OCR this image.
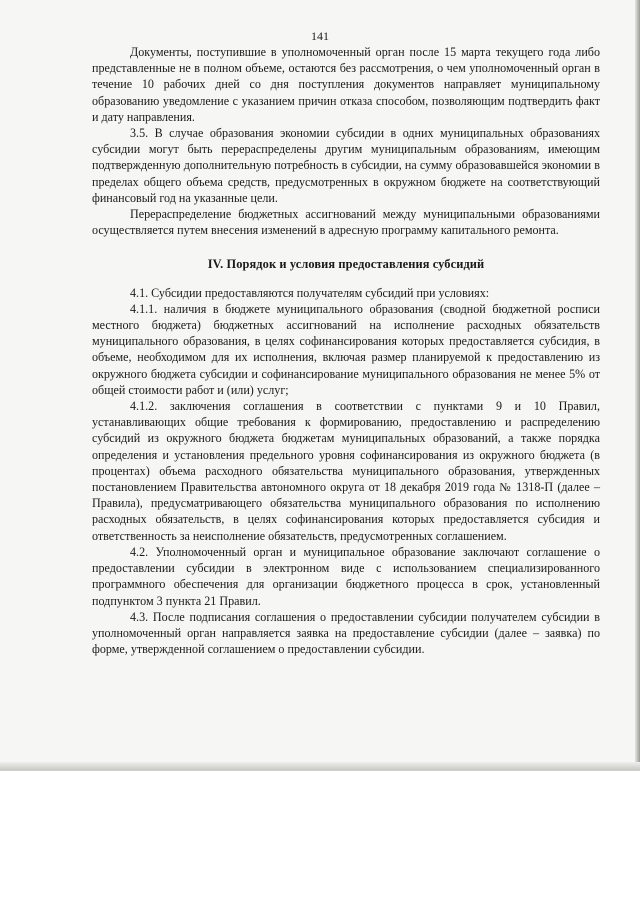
141

Документы, поступившие в уполномоченный орган после 15 марта текущего года либо представленные не в полном объеме, остаются без рассмотрения, о чем уполномоченный орган в течение 10 рабочих дней со дня поступления документов направляет муниципальному образованию уведомление с указанием причин отказа способом, позволяющим подтвердить факт и дату направления.

3.5. В случае образования экономии субсидии в одних муниципальных образованиях субсидии могут быть перераспределены другим муниципальным образованиям, имеющим подтвержденную дополнительную потребность в субсидии, на сумму образовавшейся экономии в пределах общего объема средств, предусмотренных в окружном бюджете на соответствующий финансовый год на указанные цели.

Перераспределение бюджетных ассигнований между муниципальными образованиями осуществляется путем внесения изменений в адресную программу капитального ремонта.

IV. Порядок и условия предоставления субсидий

4.1. Субсидии предоставляются получателям субсидий при условиях:

4.1.1. наличия в бюджете муниципального образования (сводной бюджетной росписи местного бюджета) бюджетных ассигнований на исполнение расходных обязательств муниципального образования, в целях софинансирования которых предоставляется субсидия, в объеме, необходимом для их исполнения, включая размер планируемой к предоставлению из окружного бюджета субсидии и софинансирование муниципального образования не менее 5% от общей стоимости работ и (или) услуг;

4.1.2. заключения соглашения в соответствии с пунктами 9 и 10 Правил, устанавливающих общие требования к формированию, предоставлению и распределению субсидий из окружного бюджета бюджетам муниципальных образований, а также порядка определения и установления предельного уровня софинансирования из окружного бюджета (в процентах) объема расходного обязательства муниципального образования, утвержденных постановлением Правительства автономного округа от 18 декабря 2019 года № 1318-П (далее – Правила), предусматривающего обязательства муниципального образования по исполнению расходных обязательств, в целях софинансирования которых предоставляется субсидия и ответственность за неисполнение обязательств, предусмотренных соглашением.

4.2. Уполномоченный орган и муниципальное образование заключают соглашение о предоставлении субсидии в электронном виде с использованием специализированного программного обеспечения для организации бюджетного процесса в срок, установленный подпунктом 3 пункта 21 Правил.

4.3. После подписания соглашения о предоставлении субсидии получателем субсидии в уполномоченный орган направляется заявка на предоставление субсидии (далее – заявка) по форме, утвержденной соглашением о предоставлении субсидии.
